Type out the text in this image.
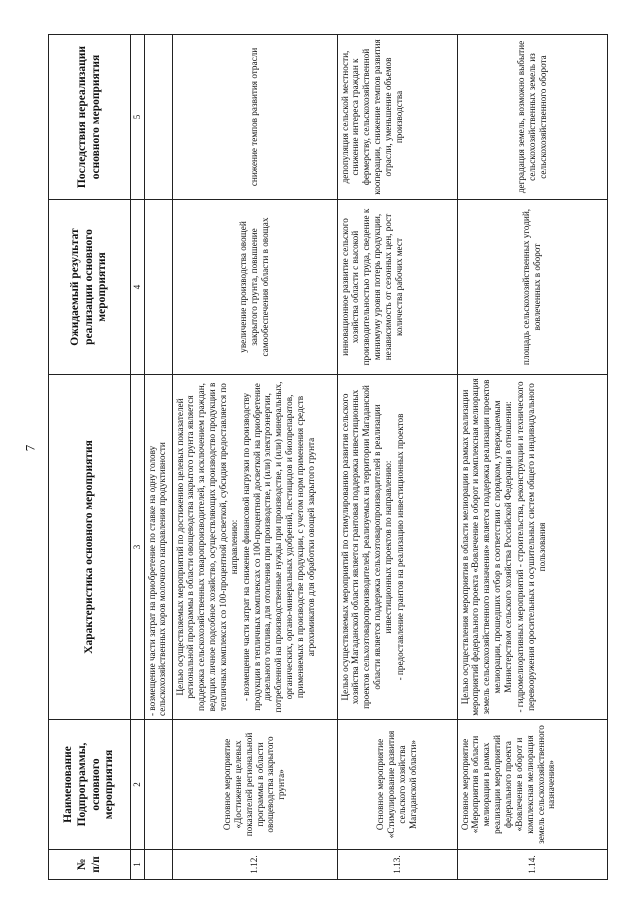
7
№ п/п	Наименование Подпрограммы, основного мероприятия	Характеристика основного мероприятия	Ожидаемый результат реализации основного мероприятия	Последствия нереализации основного мероприятия
1	2	3	4	5

		- возмещение части затрат на приобретение по ставке на одну голову сельскохозяйственных коров молочного направления продуктивности		

1.12.	Основное мероприятие «Достижение целевых показателей региональной программы в области овощеводства закрытого грунта»	Целью осуществляемых мероприятий по достижению целевых показателей региональной программы в области овощеводства закрытого грунта является поддержка сельскохозяйственных товаропроизводителей, за исключением граждан, ведущих личное подсобное хозяйство, осуществляющих производство продукции в тепличных комплексах со 100-процентной досветкой, субсидия предоставляется по направлению: - возмещение части затрат на снижение финансовой нагрузки по производству продукции в тепличных комплексах со 100-процентной досветкой на приобретение дизельного топлива, для отопления при производстве, и (или) электроэнергии, потребленной на производственные нужды при производстве, и (или) минеральных, органических, органо-минеральных удобрений, пестицидов и биопрепаратов, применяемых в производстве продукции, с учетом норм применения средств агрохимикатов для обработки овощей закрытого грунта	увеличение производства овощей закрытого грунта, повышение самообеспечения области в овощах	снижение темпов развития отрасли
1.13.	Основное мероприятие «Стимулирование развития сельского хозяйства Магаданской области»	Целью осуществляемых мероприятий по стимулированию развития сельского хозяйства Магаданской области является грантовая поддержка инвестиционных проектов сельхозтоваропроизводителей, реализуемых на территории Магаданской области является поддержка сельхозтоваропроизводителей в реализации инвестиционных проектов по направлению: - предоставление грантов на реализацию инвестиционных проектов	инновационное развитие сельского хозяйства области с высокой производительностью труда, сведение к минимуму уровня потерь продукции, независимость от сезонных цен, рост количества рабочих мест	депопуляция сельской местности, снижение интереса граждан к фермерству, сельскохозяйственной кооперации, снижение темпов развития отрасли, уменьшение объемов производства
1.14.	Основное мероприятие «Мероприятия в области мелиорации в рамках реализации мероприятий федерального проекта «Вовлечение в оборот и комплексная мелиорация земель сельскохозяйственного назначения»	Целью осуществления мероприятия в области мелиорации в рамках реализации мероприятий федерального проекта «Вовлечение в оборот и комплексная мелиорация земель сельскохозяйственного назначения» является поддержка реализации проектов мелиорации, прошедших отбор в соответствии с порядком, утверждаемым Министерством сельского хозяйства Российской Федерации в отношении: - гидромелиоративных мероприятий - строительства, реконструкции и технического перевооружения оросительных и осушительных систем общего и индивидуального пользования	площадь сельскохозяйственных угодий, вовлеченных в оборот	деградация земель, возможно выбытие сельскохозяйственных земель из сельскохозяйственного оборота
